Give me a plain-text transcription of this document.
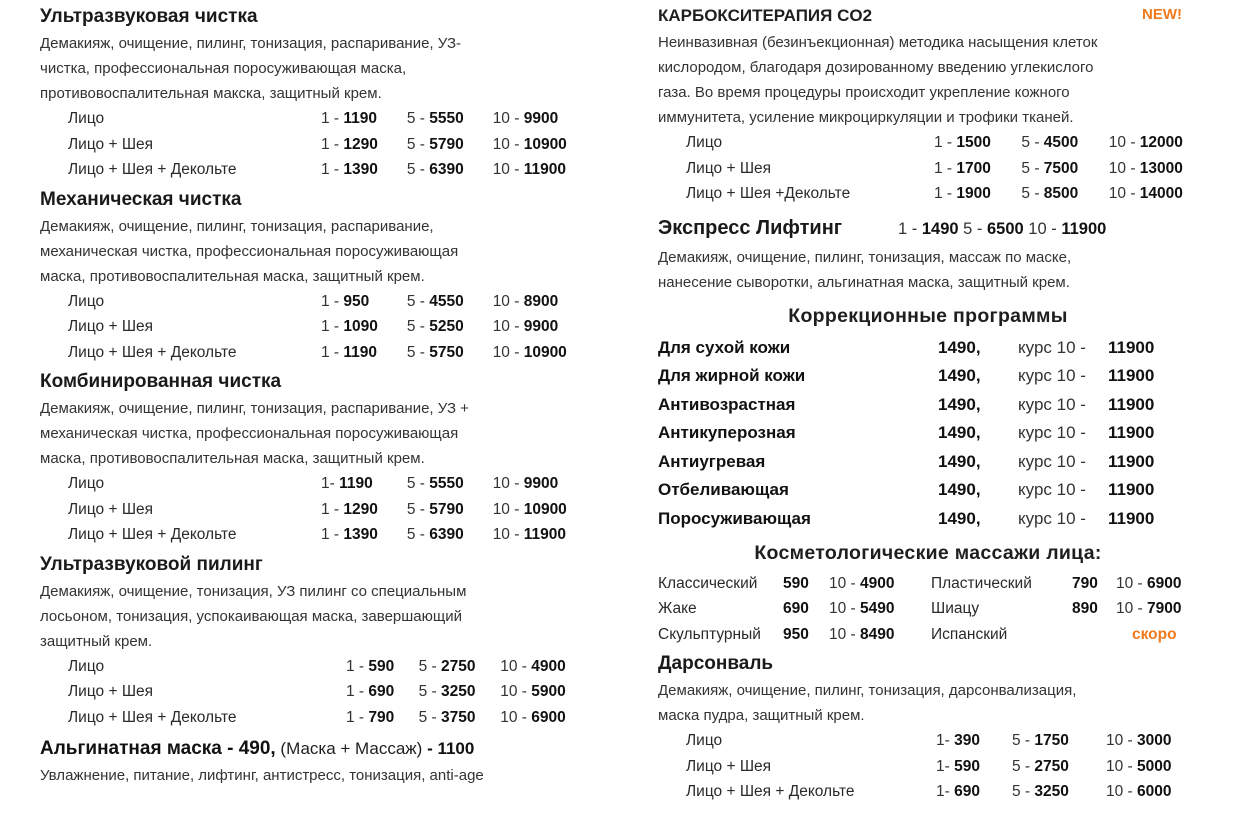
Ультразвуковая чистка
Демакияж, очищение, пилинг, тонизация, распаривание, УЗ-
чистка, профессиональная поросуживающая маска,
противовоспалительная макска, защитный крем.
Лицо	1 - 1190	5 - 5550	10 - 9900
Лицо + Шея	1 - 1290	5 - 5790	10 - 10900
Лицо + Шея + Декольте	1 - 1390	5 - 6390	10 - 11900
Механическая чистка
Демакияж, очищение, пилинг, тонизация, распаривание,
механическая чистка, профессиональная поросуживающая
маска, противовоспалительная маска, защитный крем.
Лицо	1 - 950	5 - 4550	10 - 8900
Лицо + Шея	1 - 1090	5 - 5250	10 - 9900
Лицо + Шея + Декольте	1 - 1190	5 - 5750	10 - 10900
Комбинированная чистка
Демакияж, очищение, пилинг, тонизация, распаривание, УЗ +
механическая чистка, профессиональная поросуживающая
маска, противовоспалительная маска, защитный крем.
Лицо	1- 1190	5 - 5550	10 - 9900
Лицо + Шея	1 - 1290	5 - 5790	10 - 10900
Лицо + Шея + Декольте	1 - 1390	5 - 6390	10 - 11900
Ультразвуковой пилинг
Демакияж, очищение, тонизация, УЗ пилинг со специальным
лосьоном, тонизация, успокаивающая маска, завершающий
защитный крем.
Лицо	1 - 590	5 - 2750	10 - 4900
Лицо + Шея	1 - 690	5 - 3250	10 - 5900
Лицо + Шея + Декольте	1 - 790	5 - 3750	10 - 6900
Альгинатная маска - 490, (Маска + Массаж) - 1100
Увлажнение, питание, лифтинг, антистресс, тонизация, anti-age
КАРБОКСИТЕРАПИЯ CO2	NEW!
Неинвазивная (безинъекционная) методика насыщения клеток
кислородом, благодаря дозированному введению углекислого
газа. Во время процедуры происходит укрепление кожного
иммунитета, усиление микроциркуляции и трофики тканей.
Лицо	1 - 1500	5 - 4500	10 - 12000
Лицо + Шея	1 - 1700	5 - 7500	10 - 13000
Лицо + Шея +Декольте	1 - 1900	5 - 8500	10 - 14000
Экспресс Лифтинг	1 - 1490 5 - 6500 10 - 11900
Демакияж, очищение, пилинг, тонизация, массаж по маске,
нанесение сыворотки, альгинатная маска, защитный крем.
Коррекционные программы
Для сухой кожи	1490,	курс 10 -	11900
Для жирной кожи	1490,	курс 10 -	11900
Антивозрастная	1490,	курс 10 -	11900
Антикуперозная	1490,	курс 10 -	11900
Антиугревая	1490,	курс 10 -	11900
Отбеливающая	1490,	курс 10 -	11900
Поросуживающая	1490,	курс 10 -	11900
Косметологические массажи лица:
Классический	590	10 - 4900	Пластический	790	10 - 6900
Жаке	690	10 - 5490	Шиацу	890	10 - 7900
Скульптурный	950	10 - 8490	Испанский	скоро
Дарсонваль
Демакияж, очищение, пилинг, тонизация, дарсонвализация,
маска пудра, защитный крем.
Лицо	1- 390	5 - 1750	10 - 3000
Лицо + Шея	1- 590	5 - 2750	10 - 5000
Лицо + Шея + Декольте	1- 690	5 - 3250	10 - 6000
